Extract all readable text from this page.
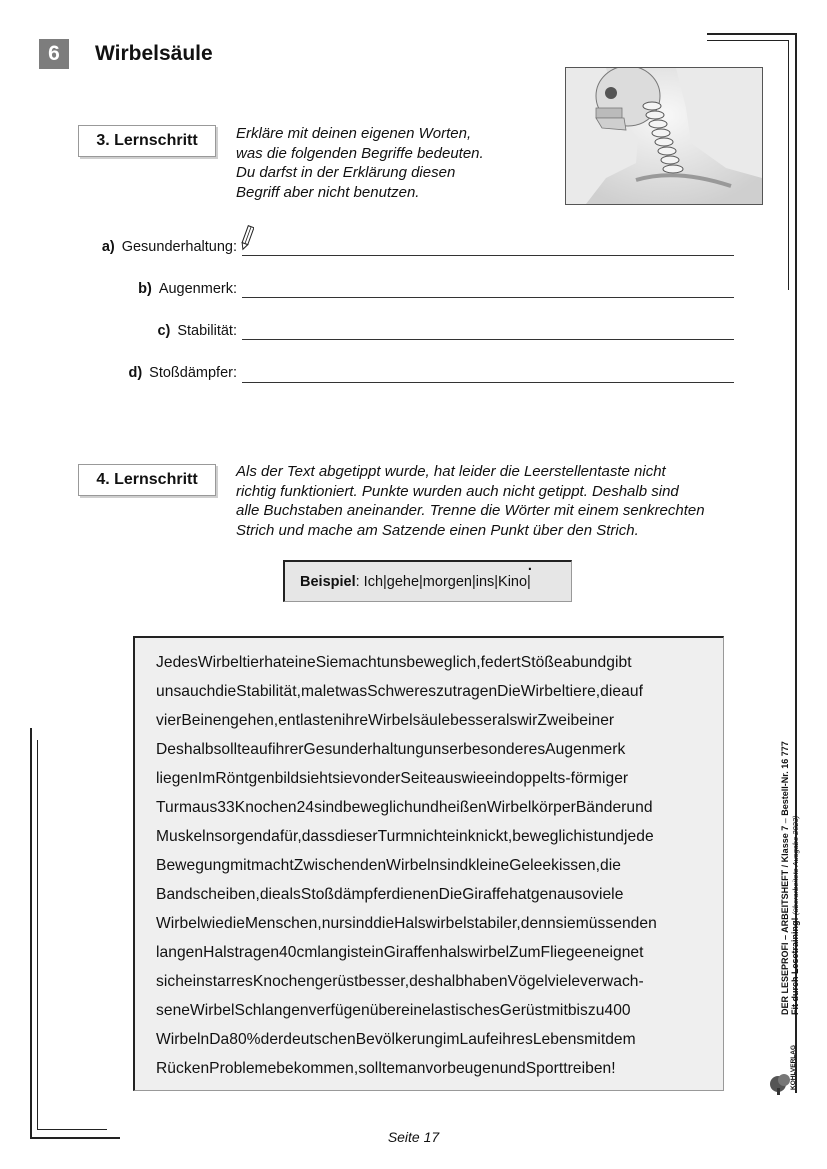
6	Wirbelsäule
3. Lernschritt	Erkläre mit deinen eigenen Worten,
was die folgenden Begriffe bedeuten.
Du darfst in der Erklärung diesen
Begriff aber nicht benutzen.
a) Gesunderhaltung:
b) Augenmerk:
c) Stabilität:
d) Stoßdämpfer:
4. Lernschritt	Als der Text abgetippt wurde, hat leider die Leerstellentaste nicht
richtig funktioniert. Punkte wurden auch nicht getippt. Deshalb sind
alle Buchstaben aneinander. Trenne die Wörter mit einem senkrechten
Strich und mache am Satzende einen Punkt über den Strich.
Beispiel : Ich|gehe|morgen|ins|Kino|
·
JedesWirbeltierhateineSiemachtunsbeweglich,federtStößeabundgibt
unsauchdieStabilität,maletwasSchwereszutragenDieWirbeltiere,dieauf
vierBeinengehen,entlastenihreWirbelsäulebesseralswirZweibeiner
DeshalbsollteaufihrerGesunderhaltungunserbesonderesAugenmerk
liegenImRöntgenbildsiehtsievonderSeiteauswieeindoppelts-förmiger
Turmaus33Knochen24sindbeweglichundheißenWirbelkörperBänderund
Muskelnsorgendafür,dassdieserTurmnichteinknickt,beweglichistundjede
BewegungmitmachtZwischendenWirbelnsindkleineGeleekissen,die
Bandscheiben,diealsStoßdämpferdienenDieGiraffehatgenausoviele
WirbelwiedieMenschen,nursinddieHalswirbelstabiler,dennsiemüssenden
langenHalstragen40cmlangisteinGiraffenhalswirbelZumFliegeeneignet
sicheinstarresKnochengerüstbesser,deshalbhabenVögelvieleverwach-
seneWirbelSchlangenverfügenübereinelastischesGerüstmitbiszu400
WirbelnDa80%derdeutschenBevölkerungimLaufeihresLebensmitdem
RückenProblemebekommen,solltemanvorbeugenundSporttreiben!
DER LESEPROFI – ARBEITSHEFT / Klasse 7 – Bestell-Nr. 16 777
Fit durch Lesetraining! (überarbeitete Ausgabe 2023)
KOHLVERLAG
Seite 17
